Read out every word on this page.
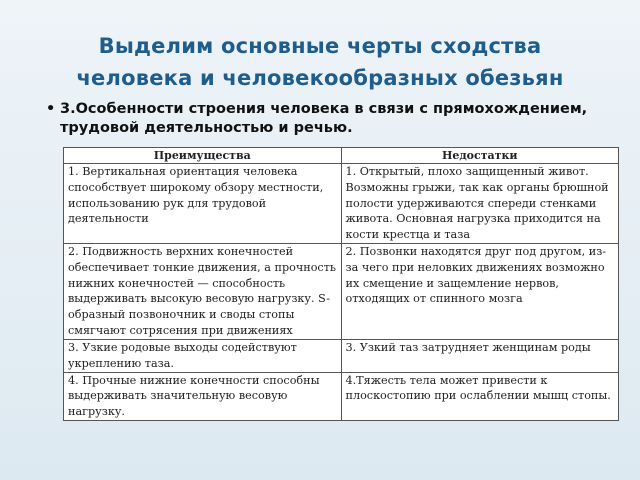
Выделим основные черты сходства
человека и человекообразных обезьян
• 3.Особенности строения человека в связи с прямохождением, трудовой деятельностью и речью.
Преимущества	Недостатки
1. Вертикальная ориентация человека способствует широкому обзору местности, использованию рук для трудовой деятельности	1. Открытый, плохо защищенный живот. Возможны грыжи, так как органы брюшной полости удерживаются спереди стенками живота. Основная нагрузка приходится на кости крестца и таза
2. Подвижность верхних конечностей обеспечивает тонкие движения, а прочность нижних конечностей — способность выдерживать высокую весовую нагрузку. S-образный позвоночник и своды стопы смягчают сотрясения при движениях	2. Позвонки находятся друг под другом, из-за чего при неловких движениях возможно их смещение и защемление нервов, отходящих от спинного мозга
3. Узкие родовые выходы содействуют укреплению таза.	3. Узкий таз затрудняет женщинам роды
4. Прочные нижние конечности способны выдерживать значительную весовую нагрузку.	4.Тяжесть тела может привести к плоскостопию при ослаблении мышц стопы.
